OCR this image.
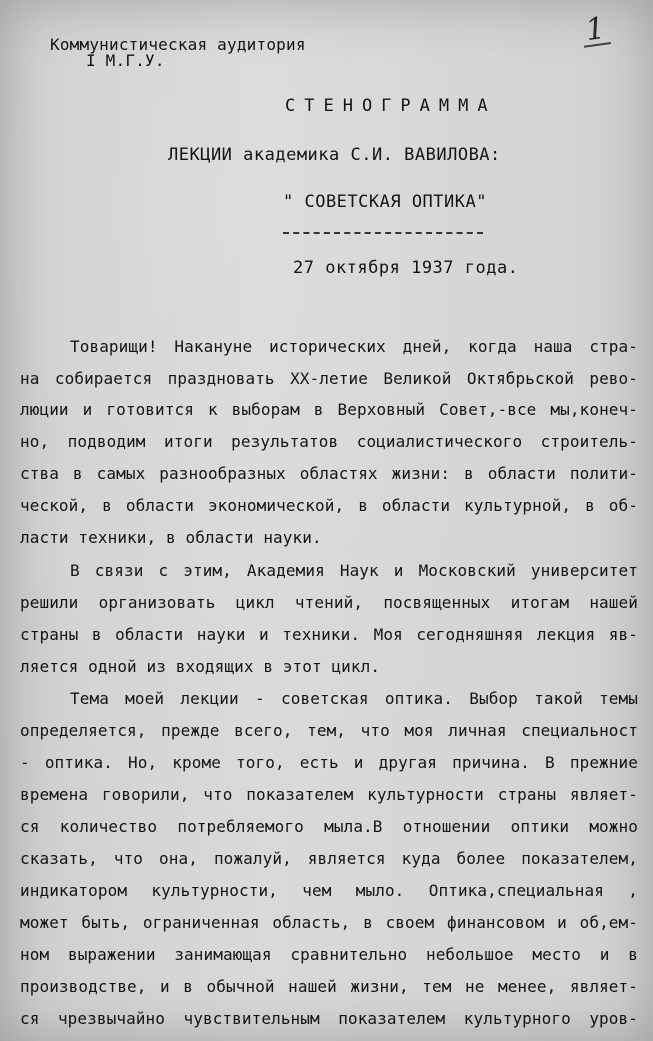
1
Коммунистическая аудитория
I М.Г.У.
СТЕНОГРАММА
ЛЕКЦИИ академика С.И. ВАВИЛОВА:
" СОВЕТСКАЯ ОПТИКА"
27 октября 1937 года.
Товарищи! Накануне исторических дней, когда наша стра-
на собирается праздновать XX-летие Великой Октябрьской рево-
люции и готовится к выборам в Верховный Совет,-все мы,конеч-
но, подводим итоги результатов социалистического строитель-
ства в самых разнообразных областях жизни: в области полити-
ческой, в области экономической, в области культурной, в об-
ласти техники, в области науки.
В связи с этим, Академия Наук и Московский университет
решили организовать цикл чтений, посвященных итогам нашей
страны в области науки и техники. Моя сегодняшняя лекция яв-
ляется одной из входящих в этот цикл.
Тема моей лекции - советская оптика. Выбор такой темы
определяется, прежде всего, тем, что моя личная специальност
- оптика. Но, кроме того, есть и другая причина. В прежние
времена говорили, что показателем культурности страны являет-
ся количество потребляемого мыла.В отношении оптики можно
сказать, что она, пожалуй, является куда более показателем,
индикатором культурности, чем мыло. Оптика,специальная ,
может быть, ограниченная область, в своем финансовом и об,ем-
ном выражении занимающая сравнительно небольшое место и в
производстве, и в обычной нашей жизни, тем не менее, являет-
ся чрезвычайно чувствительным показателем культурного уров-
